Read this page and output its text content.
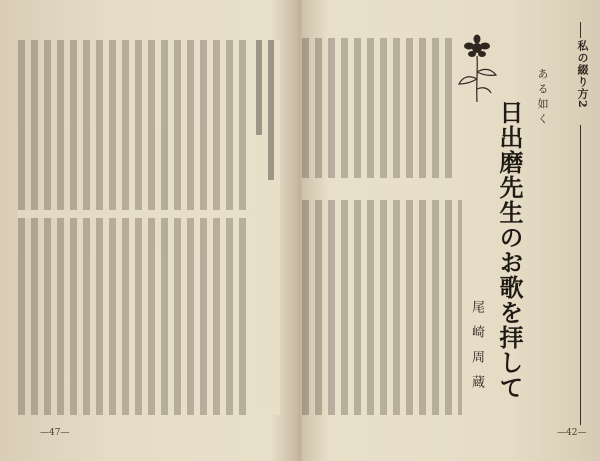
—47—
私の綴り方2
ある如く
日出磨先生のお歌を拝して
尾崎周蔵
—42—
